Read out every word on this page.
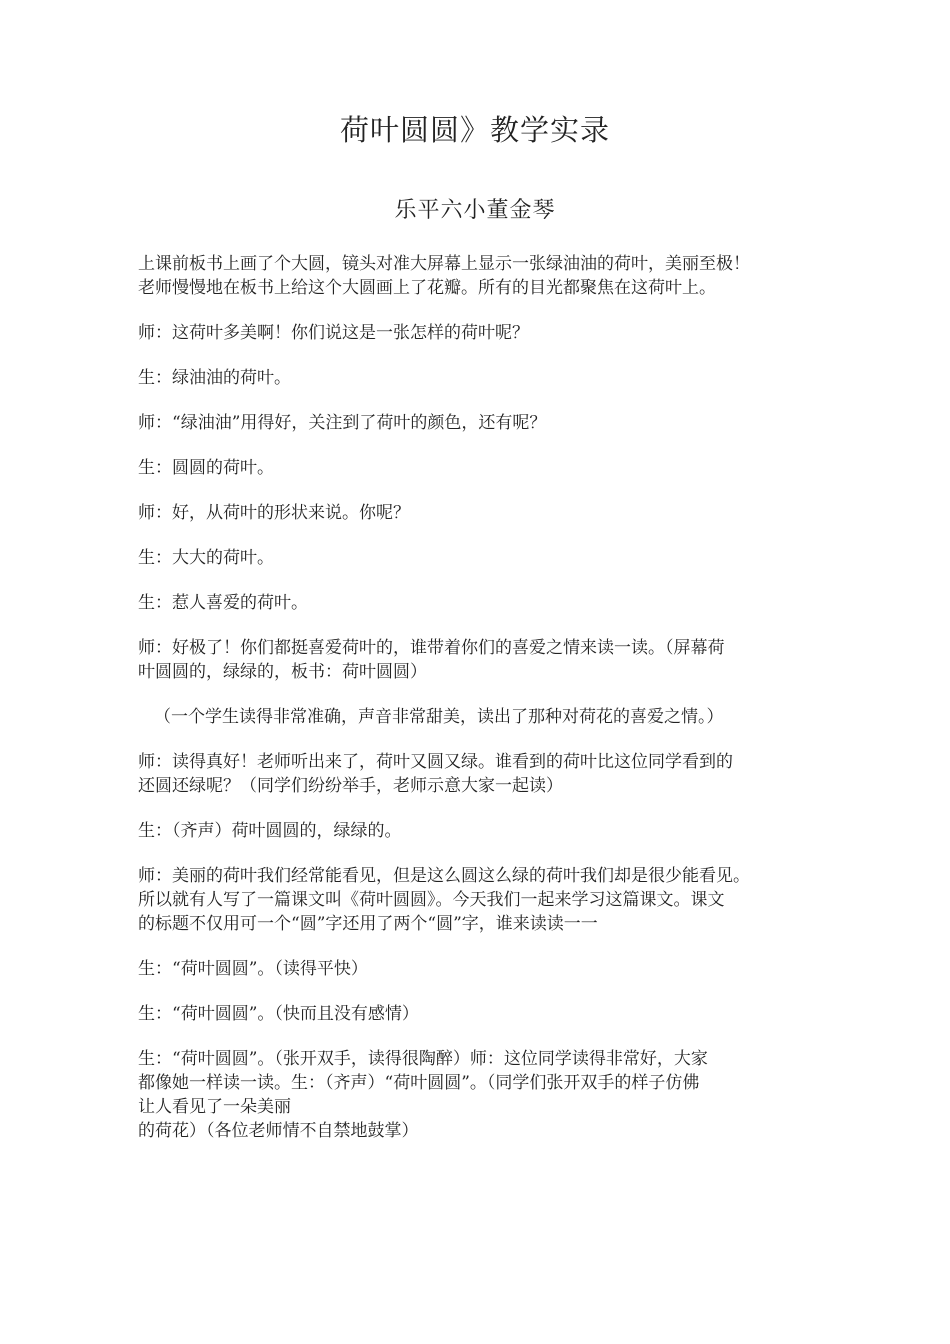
荷叶圆圆》教学实录
乐平六小董金琴

上课前板书上画了个大圆，镜头对准大屏幕上显示一张绿油油的荷叶，美丽至极！
老师慢慢地在板书上给这个大圆画上了花瓣。所有的目光都聚焦在这荷叶上。

师：这荷叶多美啊！你们说这是一张怎样的荷叶呢？

生：绿油油的荷叶。

师：“绿油油”用得好，关注到了荷叶的颜色，还有呢？

生：圆圆的荷叶。

师：好，从荷叶的形状来说。你呢？

生：大大的荷叶。

生：惹人喜爱的荷叶。

师：好极了！你们都挺喜爱荷叶的，谁带着你们的喜爱之情来读一读。（屏幕荷
叶圆圆的，绿绿的，板书：荷叶圆圆）

（一个学生读得非常准确，声音非常甜美，读出了那种对荷花的喜爱之情。）

师：读得真好！老师听出来了，荷叶又圆又绿。谁看到的荷叶比这位同学看到的
还圆还绿呢？（同学们纷纷举手，老师示意大家一起读）

生：（齐声）荷叶圆圆的，绿绿的。

师：美丽的荷叶我们经常能看见，但是这么圆这么绿的荷叶我们却是很少能看见。
所以就有人写了一篇课文叫《荷叶圆圆》。今天我们一起来学习这篇课文。课文
的标题不仅用可一个“圆”字还用了两个“圆”字，谁来读读一一

生：“荷叶圆圆”。（读得平快）

生：“荷叶圆圆”。（快而且没有感情）

生：“荷叶圆圆”。（张开双手，读得很陶醉）师：这位同学读得非常好，大家
都像她一样读一读。生：（齐声）“荷叶圆圆”。（同学们张开双手的样子仿佛
让人看见了一朵美丽
的荷花）（各位老师情不自禁地鼓掌）
